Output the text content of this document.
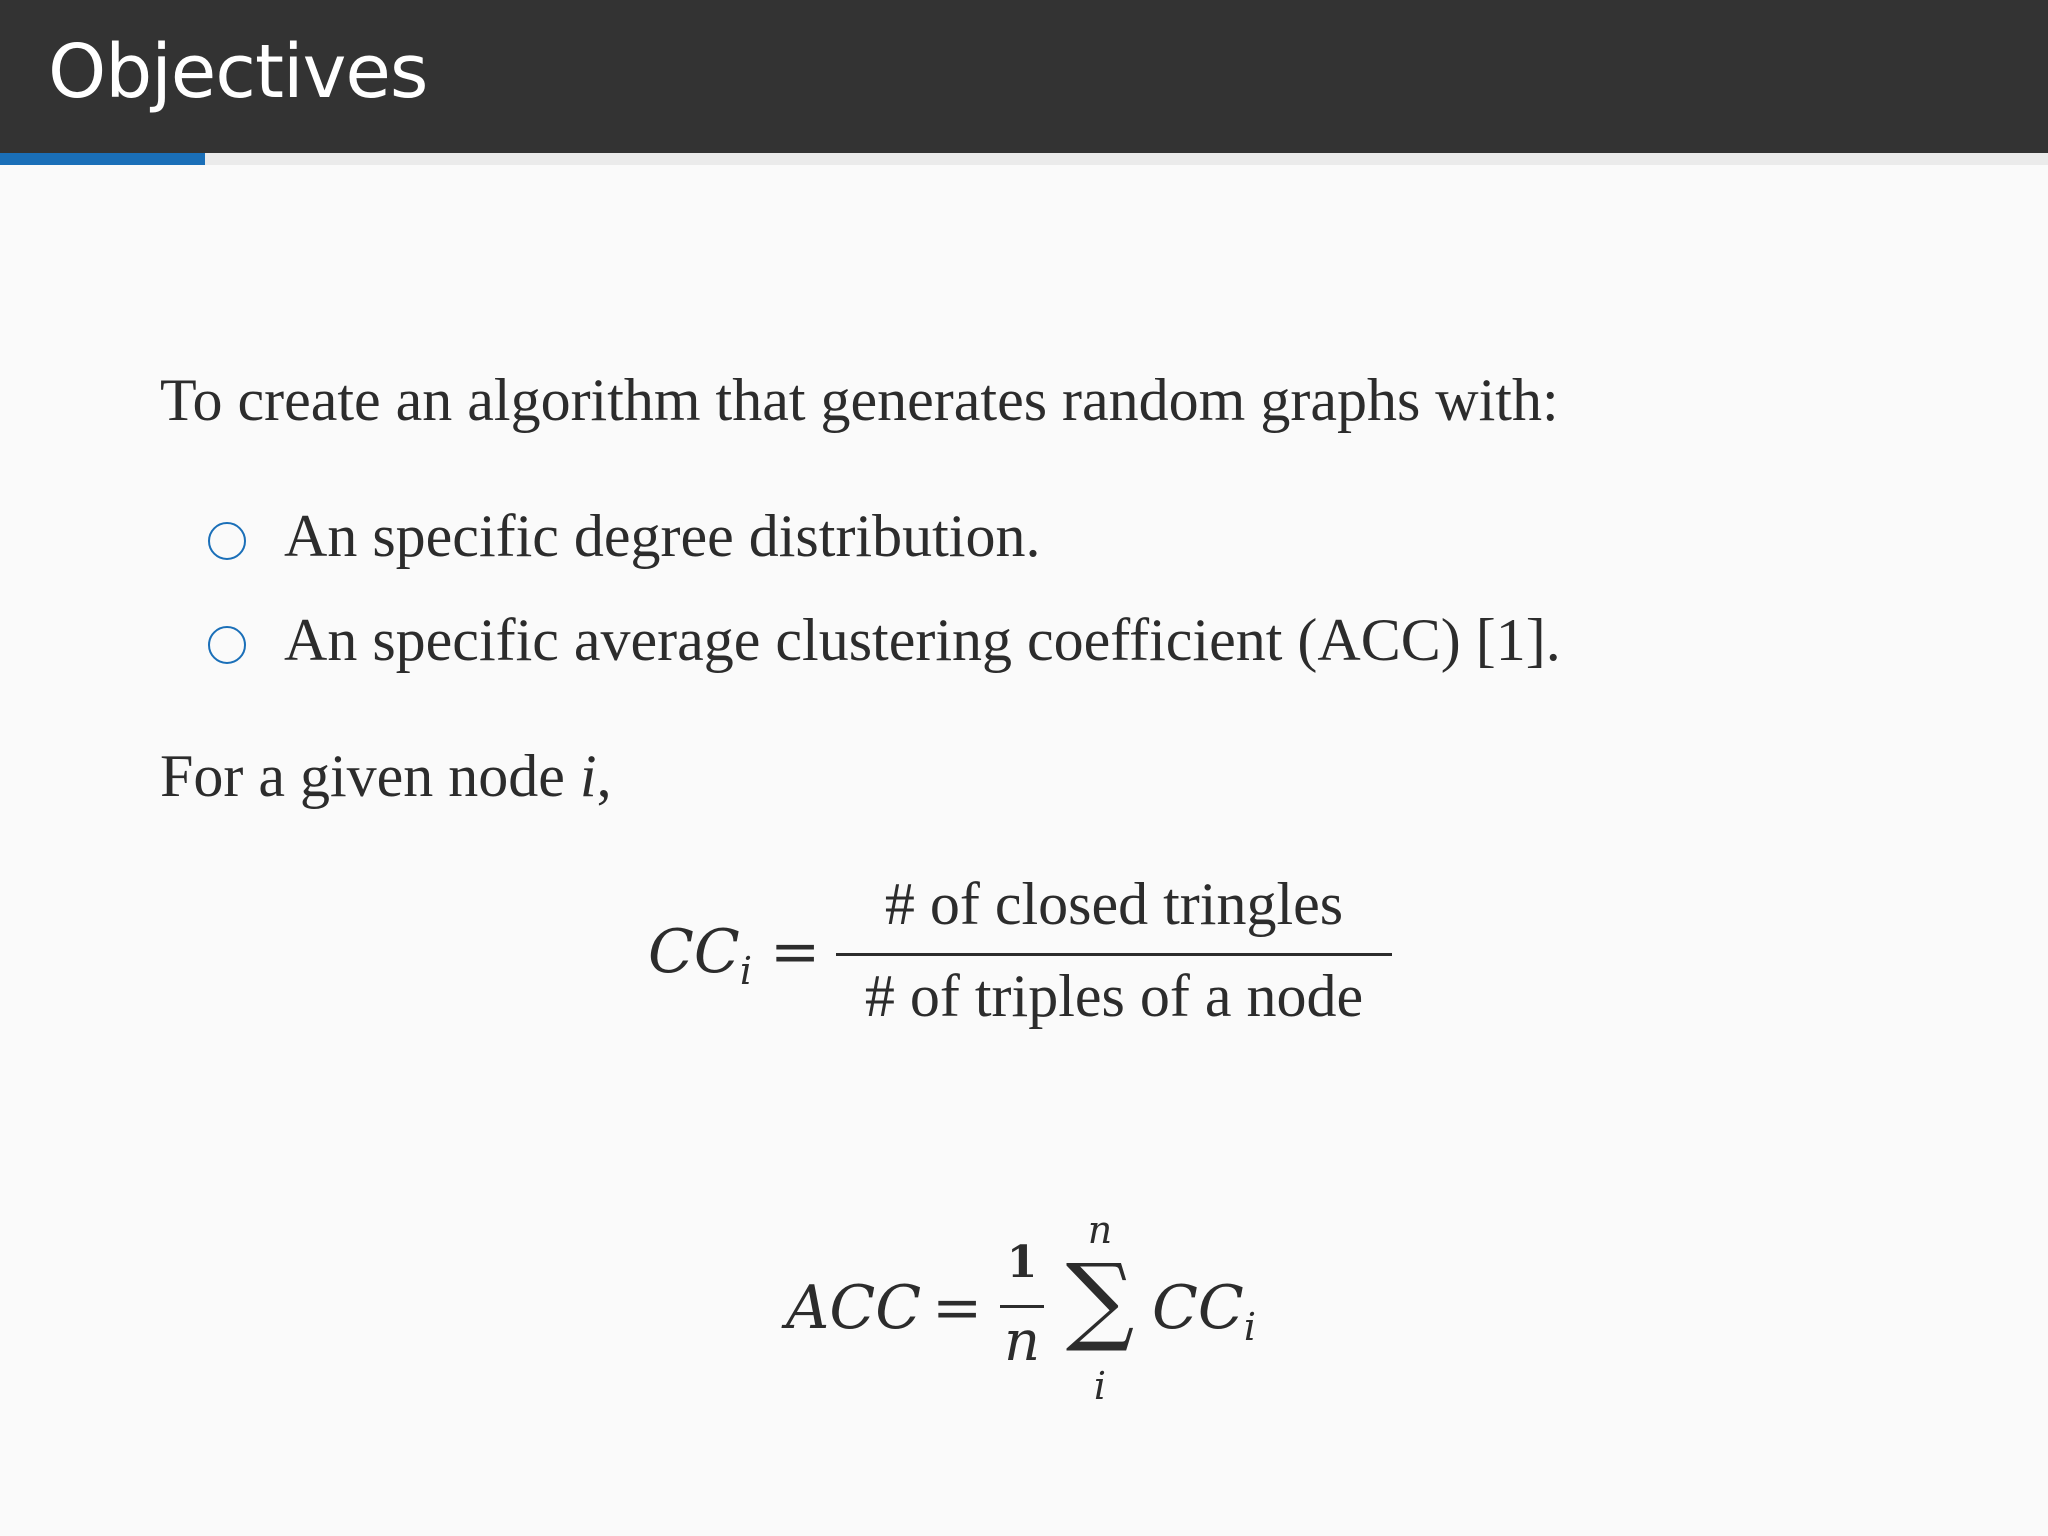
Objectives
To create an algorithm that generates random graphs with:
An specific degree distribution.
An specific average clustering coefficient (ACC) [1].
For a given node i,
$CC_i$ =
# of closed tringles
# of triples of a node
ACC =
1
n
n
∑
i
$CC_i$
